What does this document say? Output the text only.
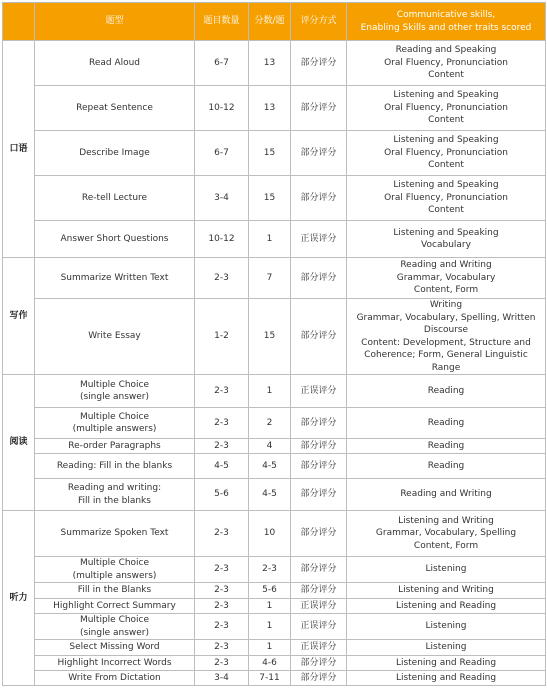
	题型	题目数量	分数/题	评分方式	Communicative skills,
Enabling Skills and other traits scored
口语	Read Aloud	6-7	13	部分评分	Reading and Speaking
Oral Fluency, Pronunciation
Content
	Repeat Sentence	10-12	13	部分评分	Listening and Speaking
Oral Fluency, Pronunciation
Content
	Describe Image	6-7	15	部分评分	Listening and Speaking
Oral Fluency, Pronunciation
Content
	Re-tell Lecture	3-4	15	部分评分	Listening and Speaking
Oral Fluency, Pronunciation
Content
	Answer Short Questions	10-12	1	正误评分	Listening and Speaking
Vocabulary
写作	Summarize Written Text	2-3	7	部分评分	Reading and Writing
Grammar, Vocabulary
Content, Form
	Write Essay	1-2	15	部分评分	Writing
Grammar, Vocabulary, Spelling, Written Discourse
Content: Development, Structure and Coherence; Form, General Linguistic Range
阅读	Multiple Choice
(single answer)	2-3	1	正误评分	Reading
	Multiple Choice
(multiple answers)	2-3	2	部分评分	Reading
	Re-order Paragraphs	2-3	4	部分评分	Reading
	Reading: Fill in the blanks	4-5	4-5	部分评分	Reading
	Reading and writing:
Fill in the blanks	5-6	4-5	部分评分	Reading and Writing
听力	Summarize Spoken Text	2-3	10	部分评分	Listening and Writing
Grammar, Vocabulary, Spelling
Content, Form
	Multiple Choice
(multiple answers)	2-3	2-3	部分评分	Listening
	Fill in the Blanks	2-3	5-6	部分评分	Listening and Writing
	Highlight Correct Summary	2-3	1	正误评分	Listening and Reading
	Multiple Choice
(single answer)	2-3	1	正误评分	Listening
	Select Missing Word	2-3	1	正误评分	Listening
	Highlight Incorrect Words	2-3	4-6	部分评分	Listening and Reading
	Write From Dictation	3-4	7-11	部分评分	Listening and Reading
